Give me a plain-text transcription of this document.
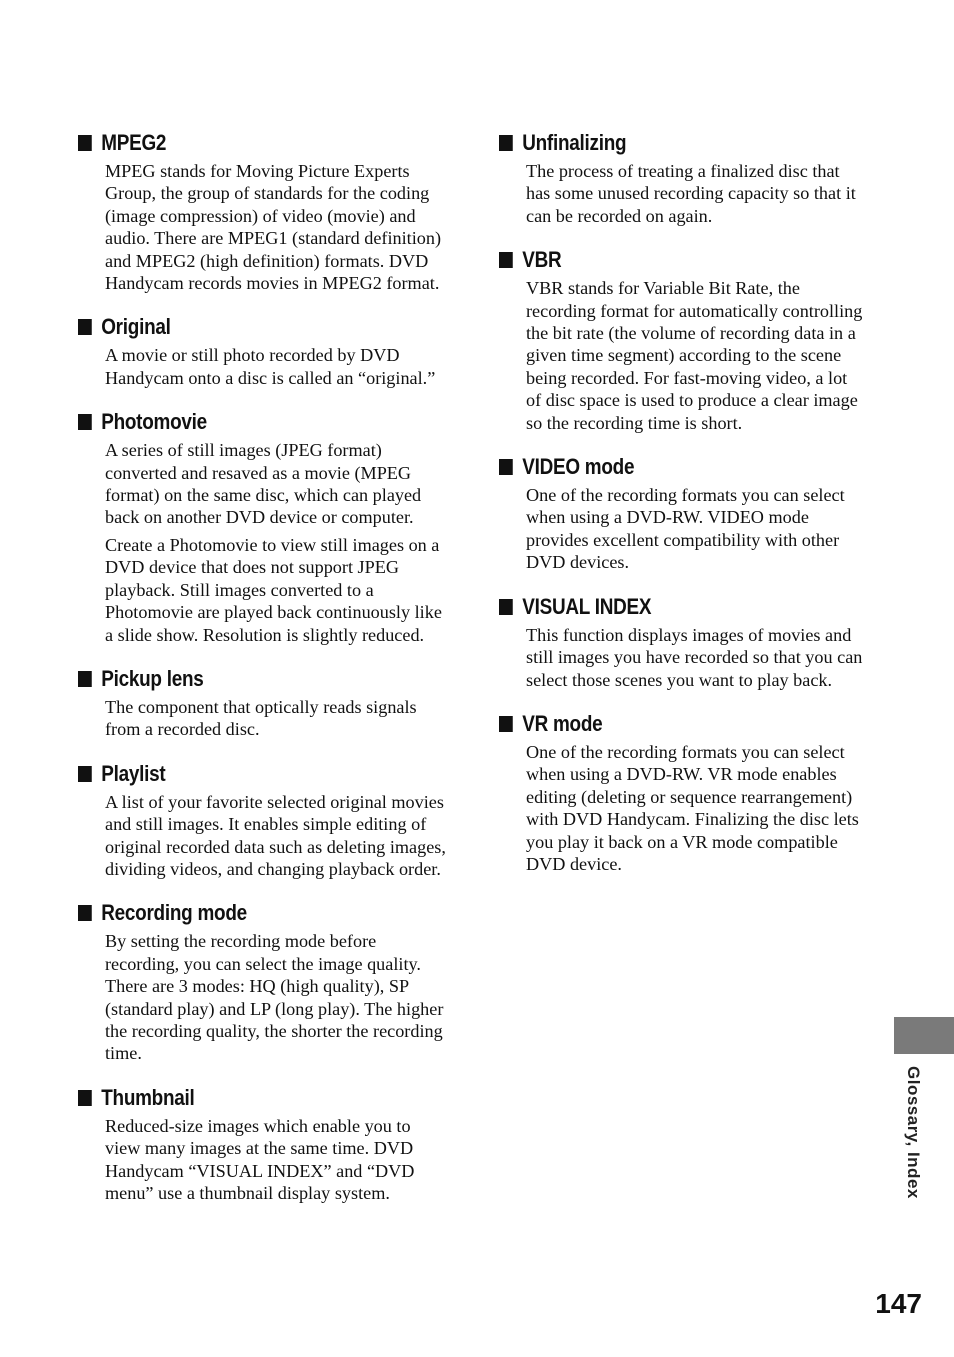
MPEG2

MPEG stands for Moving Picture Experts Group, the group of standards for the coding (image compression) of video (movie) and audio. There are MPEG1 (standard definition) and MPEG2 (high definition) formats. DVD Handycam records movies in MPEG2 format.

Original

A movie or still photo recorded by DVD Handycam onto a disc is called an “original.”

Photomovie

A series of still images (JPEG format) converted and resaved as a movie (MPEG format) on the same disc, which can played back on another DVD device or computer.

Create a Photomovie to view still images on a DVD device that does not support JPEG playback. Still images converted to a Photomovie are played back continuously like a slide show. Resolution is slightly reduced.

Pickup lens

The component that optically reads signals from a recorded disc.

Playlist

A list of your favorite selected original movies and still images. It enables simple editing of original recorded data such as deleting images, dividing videos, and changing playback order.

Recording mode

By setting the recording mode before recording, you can select the image quality. There are 3 modes: HQ (high quality), SP (standard play) and LP (long play). The higher the recording quality, the shorter the recording time.

Thumbnail

Reduced-size images which enable you to view many images at the same time. DVD Handycam “VISUAL INDEX” and “DVD menu” use a thumbnail display system.

Unfinalizing

The process of treating a finalized disc that has some unused recording capacity so that it can be recorded on again.

VBR

VBR stands for Variable Bit Rate, the recording format for automatically controlling the bit rate (the volume of recording data in a given time segment) according to the scene being recorded. For fast-moving video, a lot of disc space is used to produce a clear image so the recording time is short.

VIDEO mode

One of the recording formats you can select when using a DVD-RW. VIDEO mode provides excellent compatibility with other DVD devices.

VISUAL INDEX

This function displays images of movies and still images you have recorded so that you can select those scenes you want to play back.

VR mode

One of the recording formats you can select when using a DVD-RW. VR mode enables editing (deleting or sequence rearrangement) with DVD Handycam. Finalizing the disc lets you play it back on a VR mode compatible DVD device.

Glossary, Index
147
